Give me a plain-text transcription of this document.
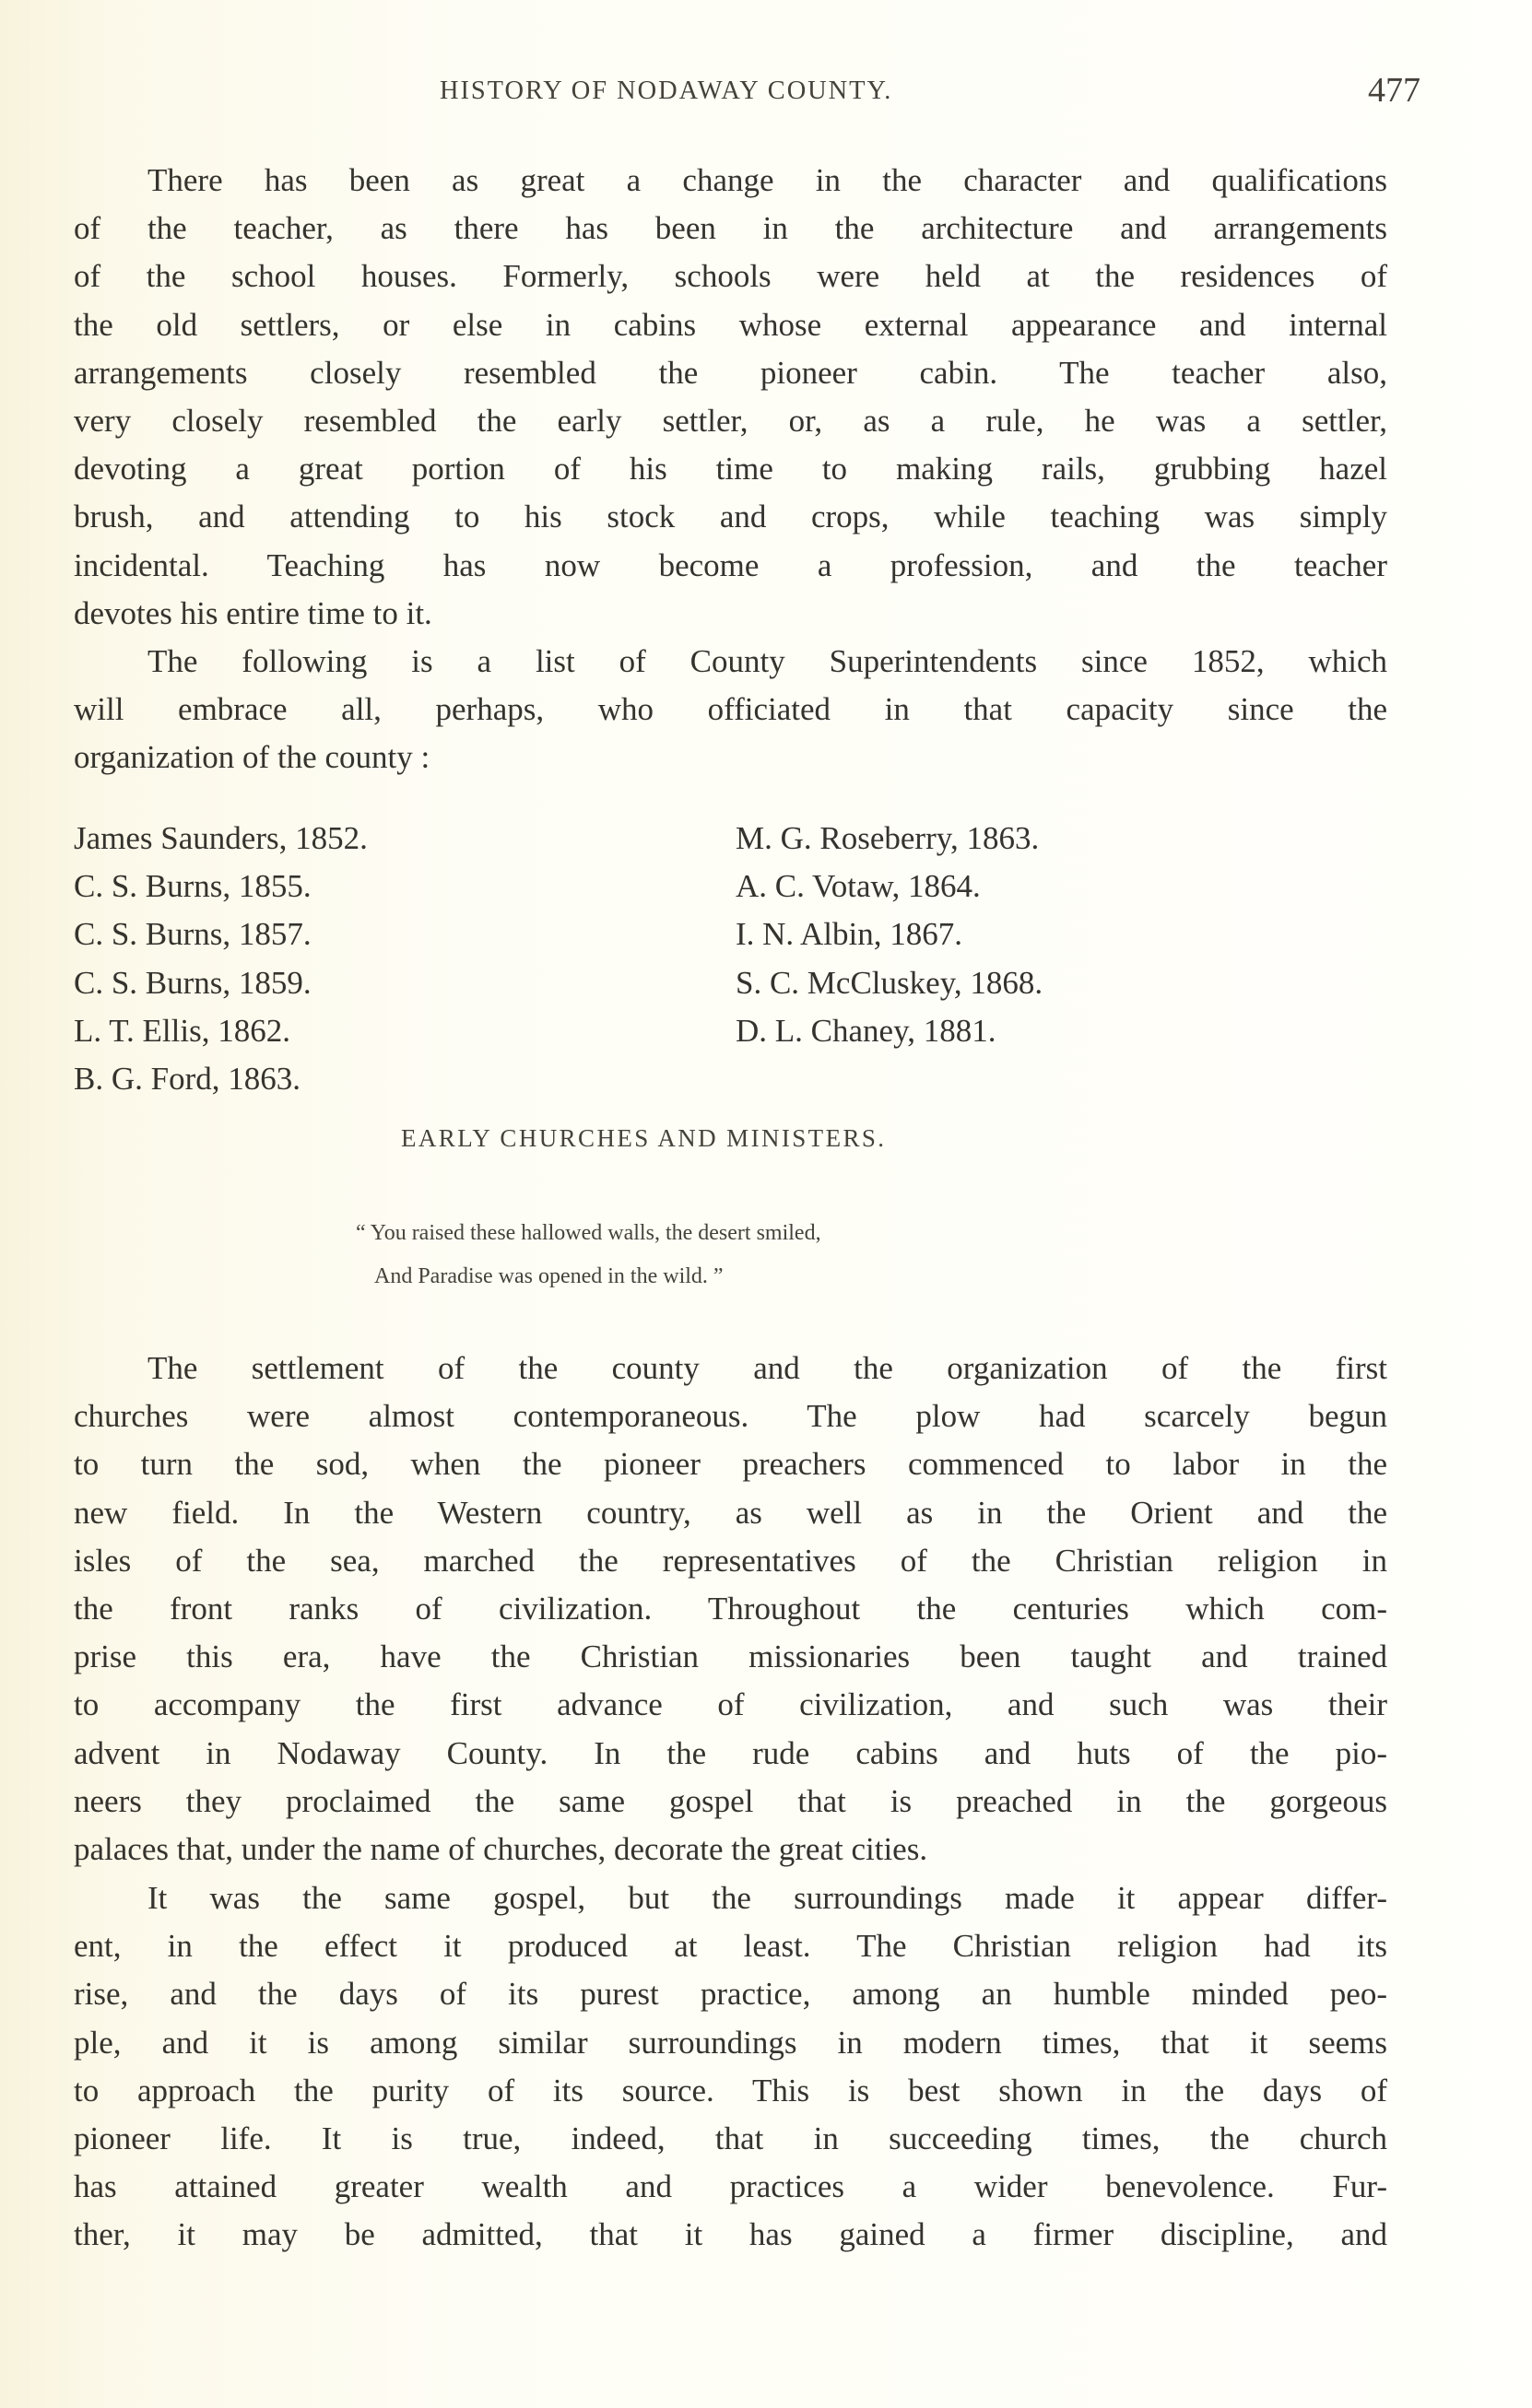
HISTORY OF NODAWAY COUNTY.	477
There has been as great a change in the character and qualifications
of the teacher, as there has been in the architecture and arrangements
of the school houses. Formerly, schools were held at the residences of
the old settlers, or else in cabins whose external appearance and internal
arrangements closely resembled the pioneer cabin. The teacher also,
very closely resembled the early settler, or, as a rule, he was a settler,
devoting a great portion of his time to making rails, grubbing hazel
brush, and attending to his stock and crops, while teaching was simply
incidental. Teaching has now become a profession, and the teacher
devotes his entire time to it.
The following is a list of County Superintendents since 1852, which
will embrace all, perhaps, who officiated in that capacity since the
organization of the county :
James Saunders, 1852.
C. S. Burns, 1855.
C. S. Burns, 1857.
C. S. Burns, 1859.
L. T. Ellis, 1862.
B. G. Ford, 1863.
M. G. Roseberry, 1863.
A. C. Votaw, 1864.
I. N. Albin, 1867.
S. C. McCluskey, 1868.
D. L. Chaney, 1881.
EARLY CHURCHES AND MINISTERS.
“ You raised these hallowed walls, the desert smiled,
And Paradise was opened in the wild. ”
The settlement of the county and the organization of the first
churches were almost contemporaneous. The plow had scarcely begun
to turn the sod, when the pioneer preachers commenced to labor in the
new field. In the Western country, as well as in the Orient and the
isles of the sea, marched the representatives of the Christian religion in
the front ranks of civilization. Throughout the centuries which com-
prise this era, have the Christian missionaries been taught and trained
to accompany the first advance of civilization, and such was their
advent in Nodaway County. In the rude cabins and huts of the pio-
neers they proclaimed the same gospel that is preached in the gorgeous
palaces that, under the name of churches, decorate the great cities.
It was the same gospel, but the surroundings made it appear differ-
ent, in the effect it produced at least. The Christian religion had its
rise, and the days of its purest practice, among an humble minded peo-
ple, and it is among similar surroundings in modern times, that it seems
to approach the purity of its source. This is best shown in the days of
pioneer life. It is true, indeed, that in succeeding times, the church
has attained greater wealth and practices a wider benevolence. Fur-
ther, it may be admitted, that it has gained a firmer discipline, and
